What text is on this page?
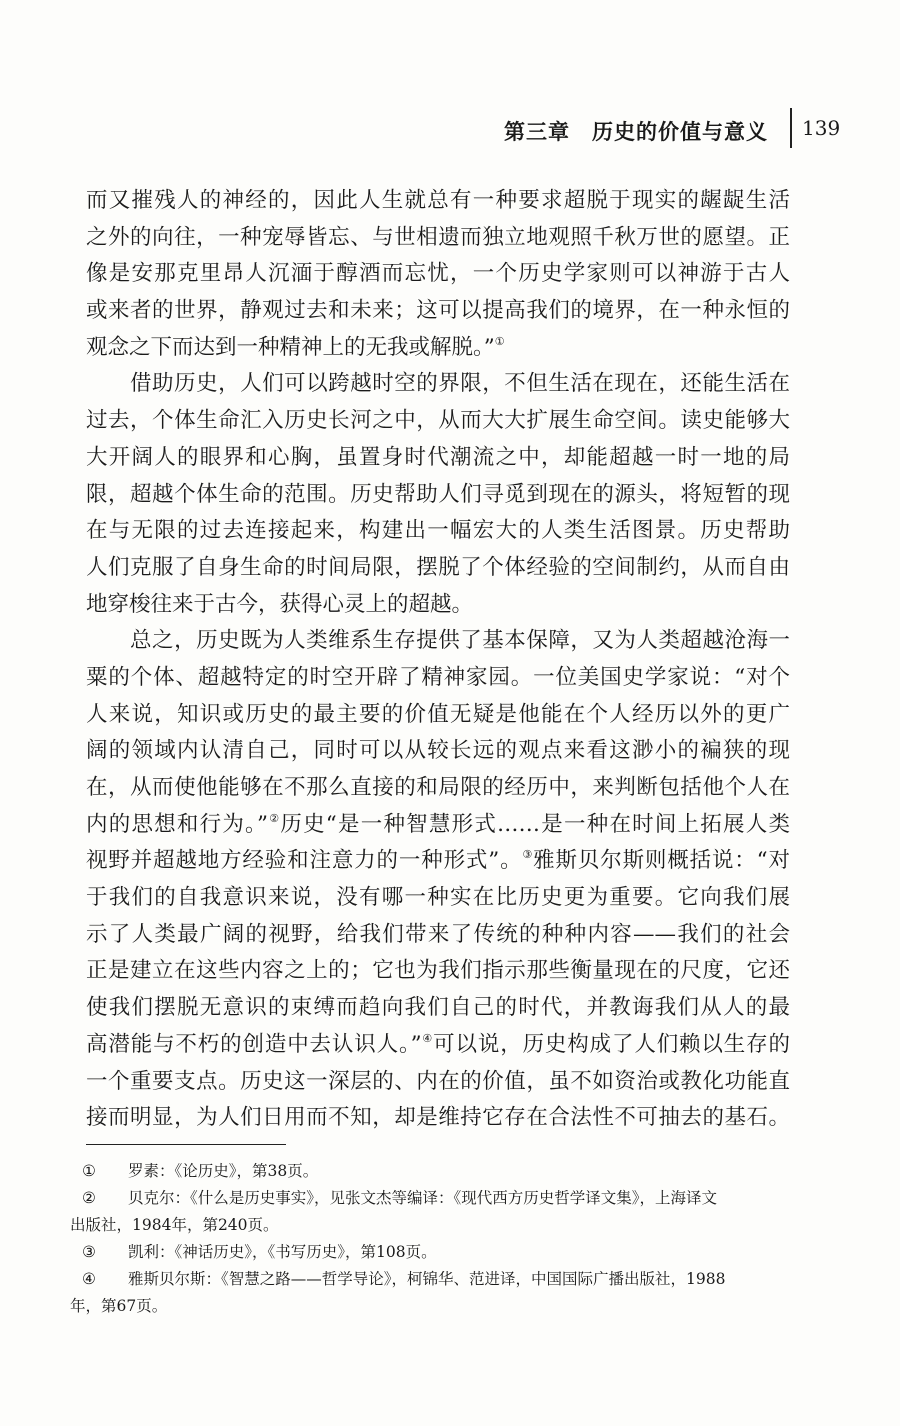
第三章　历史的价值与意义 139
而又摧残人的神经的，因此人生就总有一种要求超脱于现实的龌龊生活
之外的向往，一种宠辱皆忘、与世相遗而独立地观照千秋万世的愿望。正
像是安那克里昂人沉湎于醇酒而忘忧，一个历史学家则可以神游于古人
或来者的世界，静观过去和未来；这可以提高我们的境界，在一种永恒的
观念之下而达到一种精神上的无我或解脱。”①
　　借助历史，人们可以跨越时空的界限，不但生活在现在，还能生活在
过去，个体生命汇入历史长河之中，从而大大扩展生命空间。读史能够大
大开阔人的眼界和心胸，虽置身时代潮流之中，却能超越一时一地的局
限，超越个体生命的范围。历史帮助人们寻觅到现在的源头，将短暂的现
在与无限的过去连接起来，构建出一幅宏大的人类生活图景。历史帮助
人们克服了自身生命的时间局限，摆脱了个体经验的空间制约，从而自由
地穿梭往来于古今，获得心灵上的超越。
　　总之，历史既为人类维系生存提供了基本保障，又为人类超越沧海一
粟的个体、超越特定的时空开辟了精神家园。一位美国史学家说：“对个
人来说，知识或历史的最主要的价值无疑是他能在个人经历以外的更广
阔的领域内认清自己，同时可以从较长远的观点来看这渺小的褊狭的现
在，从而使他能够在不那么直接的和局限的经历中，来判断包括他个人在
内的思想和行为。”②历史“是一种智慧形式……是一种在时间上拓展人类
视野并超越地方经验和注意力的一种形式”。③雅斯贝尔斯则概括说：“对
于我们的自我意识来说，没有哪一种实在比历史更为重要。它向我们展
示了人类最广阔的视野，给我们带来了传统的种种内容——我们的社会
正是建立在这些内容之上的；它也为我们指示那些衡量现在的尺度，它还
使我们摆脱无意识的束缚而趋向我们自己的时代，并教诲我们从人的最
高潜能与不朽的创造中去认识人。”④可以说，历史构成了人们赖以生存的
一个重要支点。历史这一深层的、内在的价值，虽不如资治或教化功能直
接而明显，为人们日用而不知，却是维持它存在合法性不可抽去的基石。
① 罗素：《论历史》，第38页。
② 贝克尔：《什么是历史事实》，见张文杰等编译：《现代西方历史哲学译文集》，上海译文
出版社，1984年，第240页。
③ 凯利：《神话历史》，《书写历史》，第108页。
④ 雅斯贝尔斯：《智慧之路——哲学导论》，柯锦华、范进译，中国国际广播出版社，1988
年，第67页。
